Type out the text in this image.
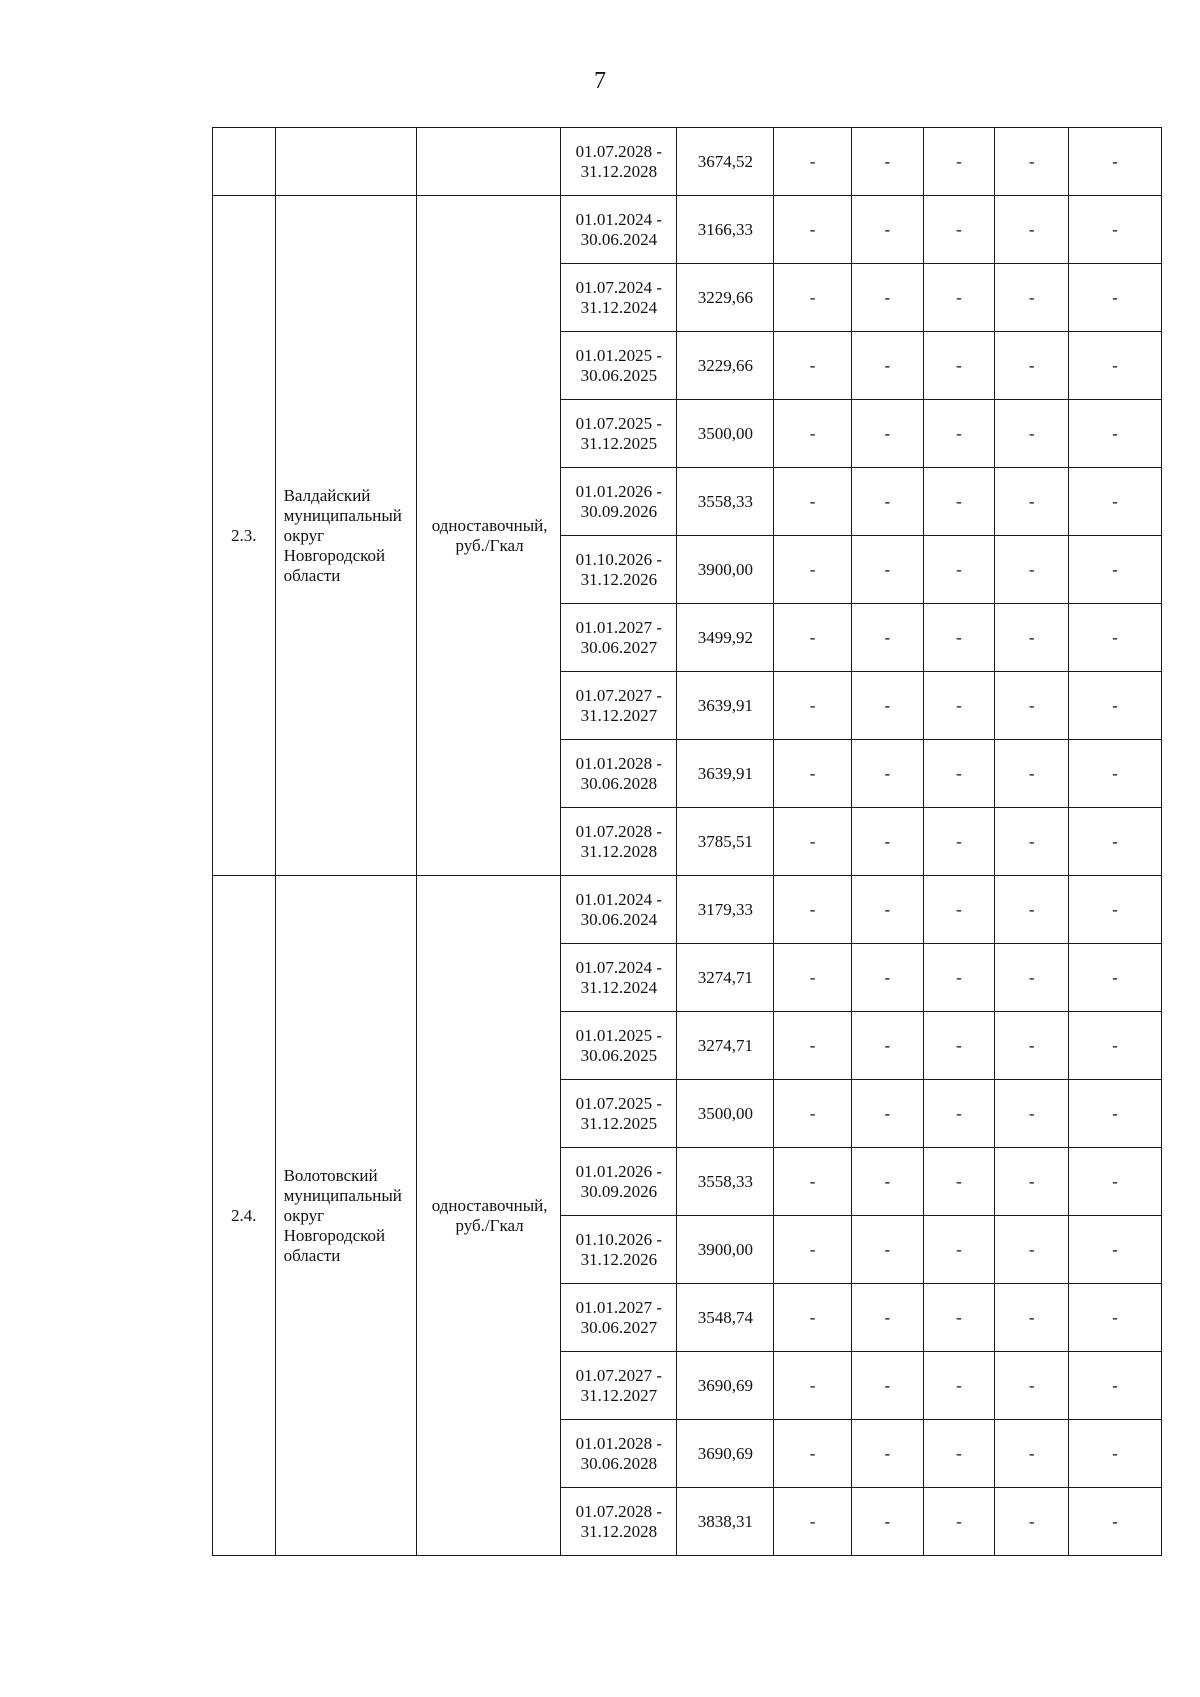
7
			01.07.2028 -
31.12.2028	3674,52	-	-	-	-	-
2.3.	Валдайский муниципальный округ Новгородской области	одноставочный, руб./Гкал	01.01.2024 -
30.06.2024	3166,33	-	-	-	-	-
			01.07.2024 -
31.12.2024	3229,66	-	-	-	-	-
			01.01.2025 -
30.06.2025	3229,66	-	-	-	-	-
			01.07.2025 -
31.12.2025	3500,00	-	-	-	-	-
			01.01.2026 -
30.09.2026	3558,33	-	-	-	-	-
			01.10.2026 -
31.12.2026	3900,00	-	-	-	-	-
			01.01.2027 -
30.06.2027	3499,92	-	-	-	-	-
			01.07.2027 -
31.12.2027	3639,91	-	-	-	-	-
			01.01.2028 -
30.06.2028	3639,91	-	-	-	-	-
			01.07.2028 -
31.12.2028	3785,51	-	-	-	-	-
2.4.	Волотовский муниципальный округ Новгородской области	одноставочный, руб./Гкал	01.01.2024 -
30.06.2024	3179,33	-	-	-	-	-
			01.07.2024 -
31.12.2024	3274,71	-	-	-	-	-
			01.01.2025 -
30.06.2025	3274,71	-	-	-	-	-
			01.07.2025 -
31.12.2025	3500,00	-	-	-	-	-
			01.01.2026 -
30.09.2026	3558,33	-	-	-	-	-
			01.10.2026 -
31.12.2026	3900,00	-	-	-	-	-
			01.01.2027 -
30.06.2027	3548,74	-	-	-	-	-
			01.07.2027 -
31.12.2027	3690,69	-	-	-	-	-
			01.01.2028 -
30.06.2028	3690,69	-	-	-	-	-
			01.07.2028 -
31.12.2028	3838,31	-	-	-	-	-
